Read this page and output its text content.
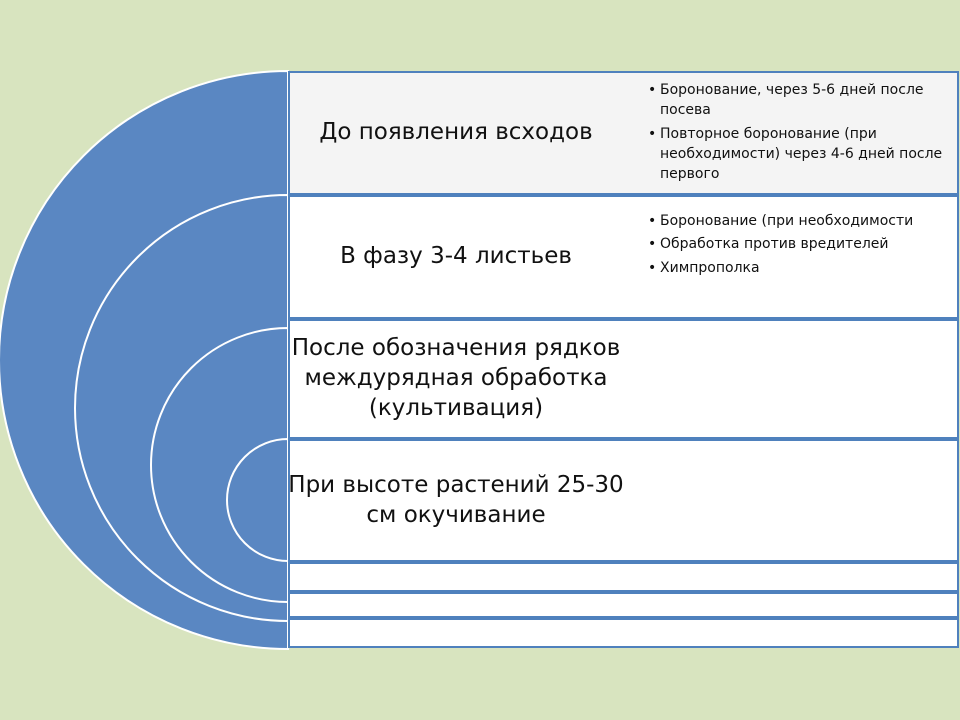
До появления всходов
В фазу 3-4 листьев
После обозначения рядков междурядная обработка (культивация)
При высоте растений 25-30 см окучивание
• Боронование, через 5-6 дней после посева
• Повторное боронование (при необходимости) через 4-6 дней после первого
• Боронование (при необходимости
• Обработка против вредителей
• Химпрополка
